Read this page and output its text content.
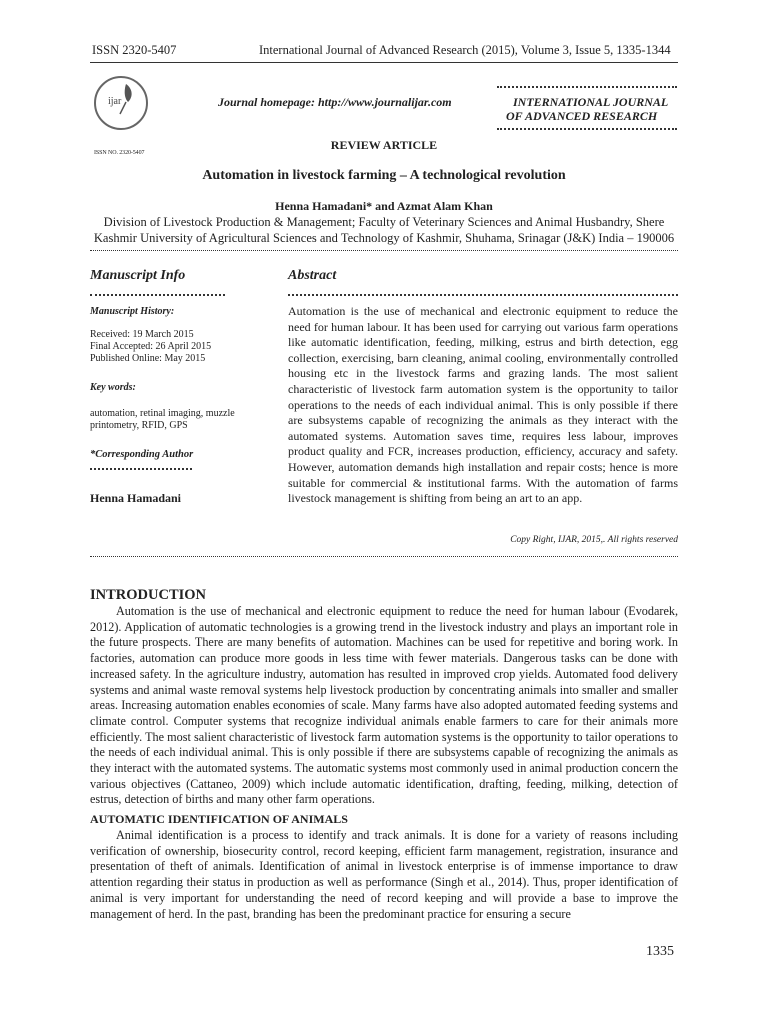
ISSN 2320-5407	International Journal of Advanced Research (2015), Volume 3, Issue 5, 1335-1344
ijar
ISSN NO. 2320-5407
Journal homepage: http://www.journalijar.com	INTERNATIONAL JOURNAL
OF ADVANCED RESEARCH
REVIEW ARTICLE
Automation in livestock farming – A technological revolution
Henna Hamadani* and Azmat Alam Khan
Division of Livestock Production & Management; Faculty of Veterinary Sciences and Animal Husbandry, Shere
Kashmir University of Agricultural Sciences and Technology of Kashmir, Shuhama, Srinagar (J&K) India – 190006
Manuscript Info
Manuscript History:
Received: 19 March 2015
Final Accepted: 26 April 2015
Published Online: May 2015
Key words:
automation, retinal imaging, muzzle printometry, RFID, GPS
*Corresponding Author
Henna Hamadani
Abstract
Automation is the use of mechanical and electronic equipment to reduce the need for human labour. It has been used for carrying out various farm operations like automatic identification, feeding, milking, estrus and birth detection, egg collection, exercising, barn cleaning, animal cooling, environmentally controlled housing etc in the livestock farms and grazing lands. The most salient characteristic of livestock farm automation system is the opportunity to tailor operations to the needs of each individual animal. This is only possible if there are subsystems capable of recognizing the animals as they interact with the automated systems. Automation saves time, requires less labour, improves product quality and FCR, increases production, efficiency, accuracy and safety. However, automation demands high installation and repair costs; hence is more suitable for commercial & institutional farms. With the automation of farms livestock management is shifting from being an art to an app.
Copy Right, IJAR, 2015,. All rights reserved
INTRODUCTION

Automation is the use of mechanical and electronic equipment to reduce the need for human labour (Evodarek, 2012). Application of automatic technologies is a growing trend in the livestock industry and plays an important role in the future prospects. There are many benefits of automation. Machines can be used for repetitive and boring work. In factories, automation can produce more goods in less time with fewer materials. Dangerous tasks can be done with increased safety. In the agriculture industry, automation has resulted in improved crop yields. Automated food delivery systems and animal waste removal systems help livestock production by concentrating animals into smaller and smaller areas. Increasing automation enables economies of scale. Many farms have also adopted automated feeding systems and climate control. Computer systems that recognize individual animals enable farmers to care for their animals more efficiently. The most salient characteristic of livestock farm automation systems is the opportunity to tailor operations to the needs of each individual animal. This is only possible if there are subsystems capable of recognizing the animals as they interact with the automated systems. The automatic systems most commonly used in animal production concern the various objectives (Cattaneo, 2009) which include automatic identification, drafting, feeding, milking, detection of estrus, detection of births and many other farm operations.

AUTOMATIC IDENTIFICATION OF ANIMALS

Animal identification is a process to identify and track animals. It is done for a variety of reasons including verification of ownership, biosecurity control, record keeping, efficient farm management, registration, insurance and presentation of theft of animals. Identification of animal in livestock enterprise is of immense importance to draw attention regarding their status in production as well as performance (Singh et al., 2014). Thus, proper identification of animal is very important for understanding the need of record keeping and will provide a base to improve the management of herd. In the past, branding has been the predominant practice for ensuring a secure

1335
